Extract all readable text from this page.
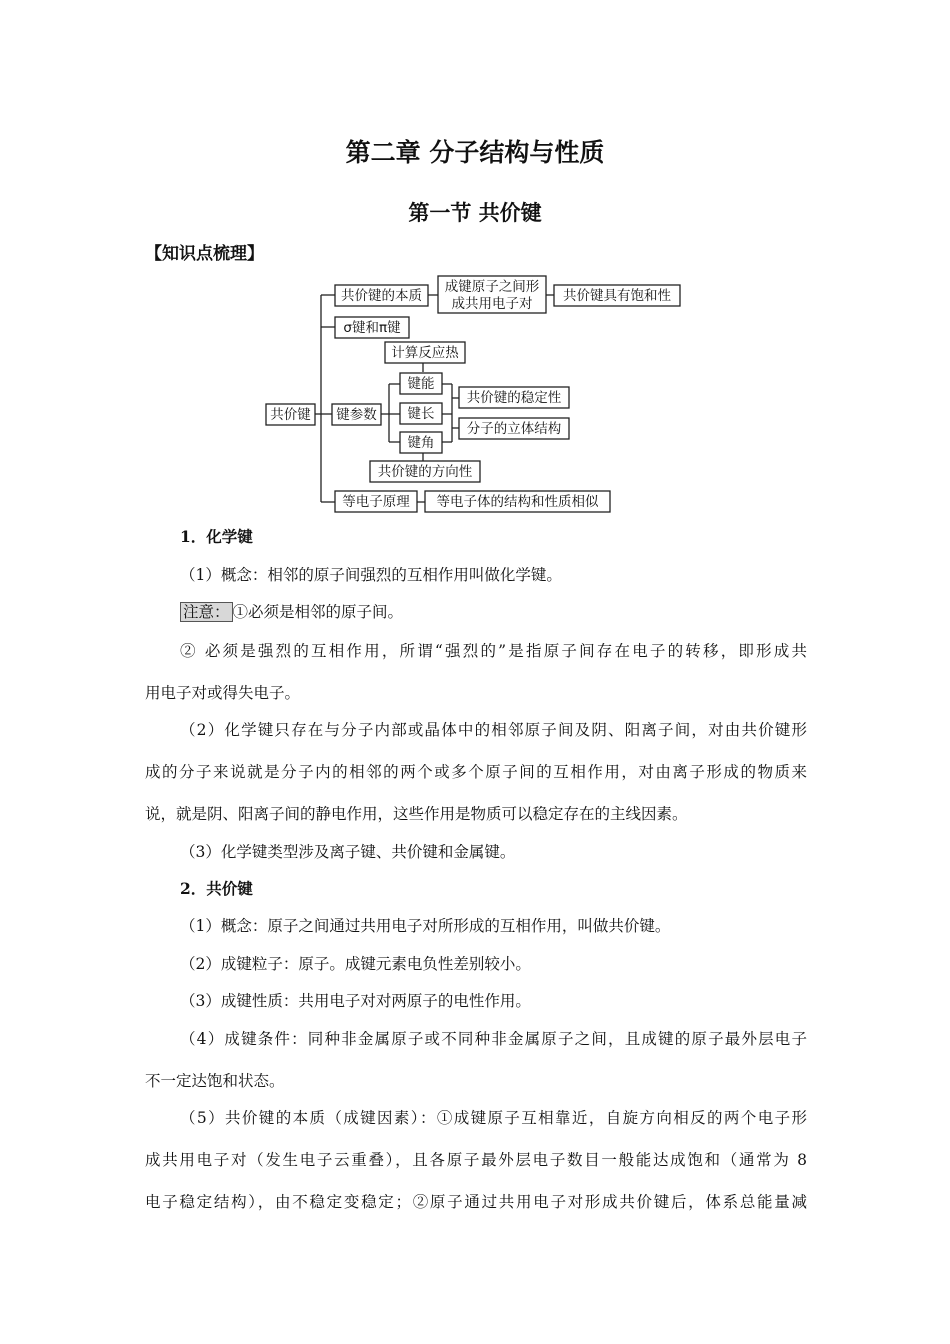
第二章 分子结构与性质
第一节 共价键
【知识点梳理】
共价键
共价键的本质
成键原子之间形
成共用电子对 共价键具有饱和性
σ键和π键
计算反应热
键参数
键能
键长
键角
共价键的稳定性
分子的立体结构
共价键的方向性
等电子原理 等电子体的结构和性质相似
1．化学键
（1）概念：相邻的原子间强烈的互相作用叫做化学键。
注意： ①必须是相邻的原子间。
② 必须是强烈的互相作用，所谓“强烈的”是指原子间存在电子的转移，即形成共
用电子对或得失电子。
（2）化学键只存在与分子内部或晶体中的相邻原子间及阴、阳离子间，对由共价键形
成的分子来说就是分子内的相邻的两个或多个原子间的互相作用，对由离子形成的物质来
说，就是阴、阳离子间的静电作用，这些作用是物质可以稳定存在的主线因素。
（3）化学键类型涉及离子键、共价键和金属键。
2．共价键
（1）概念：原子之间通过共用电子对所形成的互相作用，叫做共价键。
（2）成键粒子：原子。成键元素电负性差别较小。
（3）成键性质：共用电子对对两原子的电性作用。
（4）成键条件：同种非金属原子或不同种非金属原子之间，且成键的原子最外层电子
不一定达饱和状态。
（5）共价键的本质（成键因素）：①成键原子互相靠近，自旋方向相反的两个电子形
成共用电子对（发生电子云重叠），且各原子最外层电子数目一般能达成饱和（通常为 8
电子稳定结构），由不稳定变稳定；②原子通过共用电子对形成共价键后，体系总能量减
